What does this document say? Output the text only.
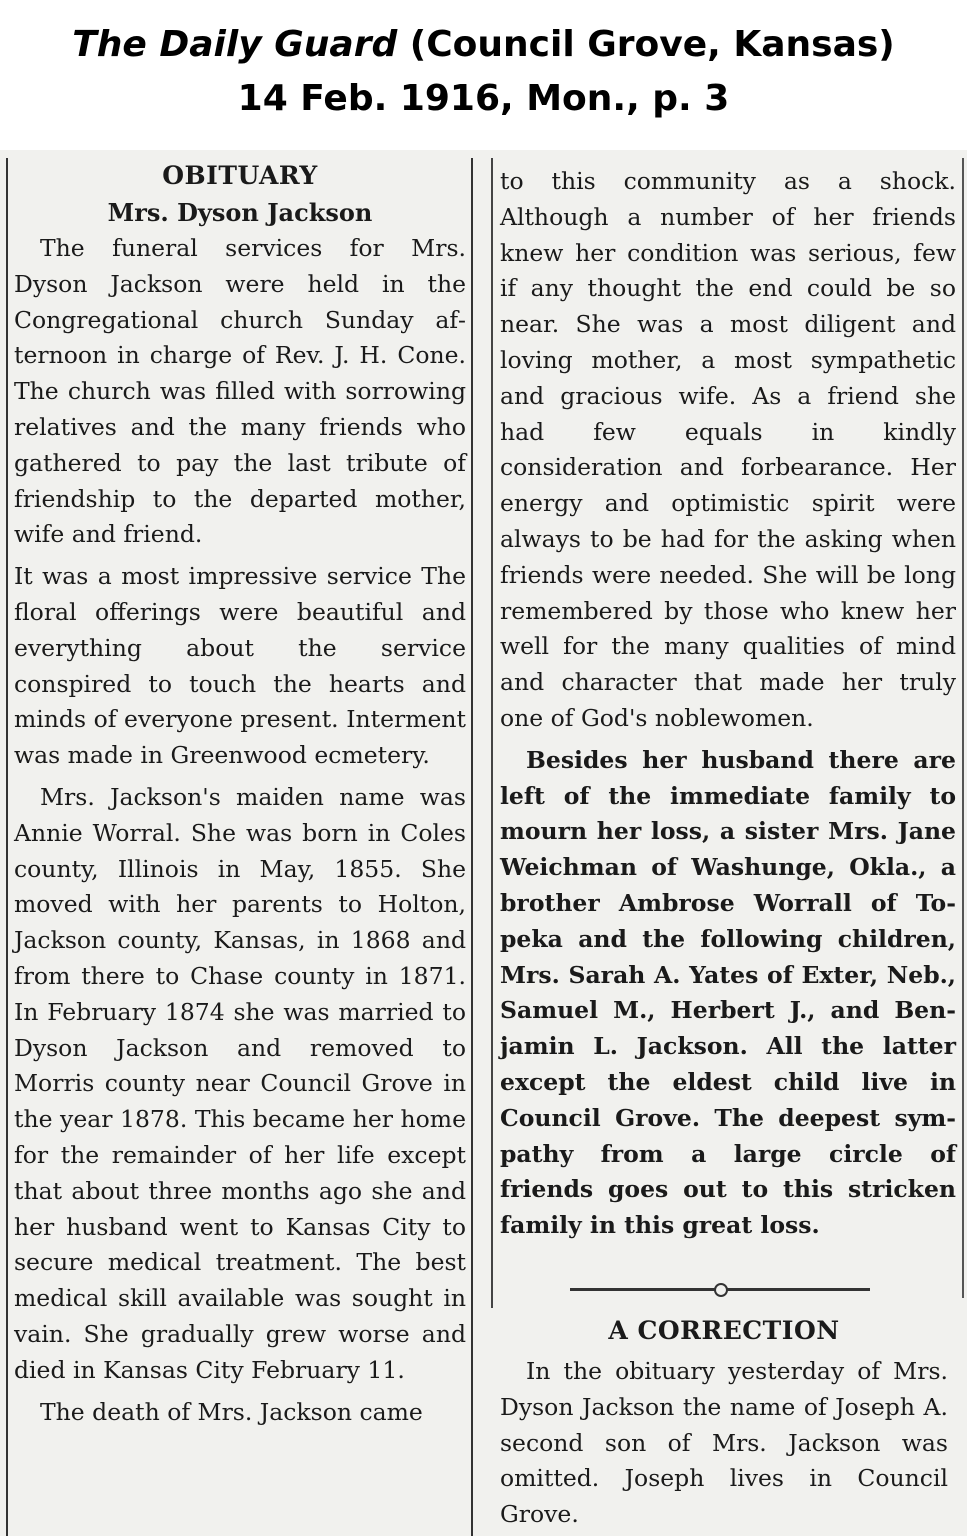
The Daily Guard (Council Grove, Kansas)
14 Feb. 1916, Mon., p. 3
OBITUARY
Mrs. Dyson Jackson

The funeral services for Mrs. Dyson Jackson were held in the Congregational church Sunday afternoon in charge of Rev. J. H. Cone. The church was filled with sorrowing relatives and the many friends who gathered to pay the last tribute of friendship to the departed mother, wife and friend.

It was a most impressive service The floral offerings were beautiful and everything about the service conspired to touch the hearts and minds of everyone present. Interment was made in Greenwood ecmetery.

Mrs. Jackson's maiden name was Annie Worral. She was born in Coles county, Illinois in May, 1855. She moved with her parents to Holton, Jackson county, Kansas, in 1868 and from there to Chase county in 1871. In February 1874 she was married to Dyson Jackson and removed to Morris county near Council Grove in the year 1878. This became her home for the remainder of her life except that about three months ago she and her husband went to Kansas City to secure medical treatment. The best medical skill available was sought in vain. She gradually grew worse and died in Kansas City February 11.

The death of Mrs. Jackson came

to this community as a shock. Although a number of her friends knew her condition was serious, few if any thought the end could be so near. She was a most diligent and loving mother, a most sympathetic and gracious wife. As a friend she had few equals in kindly consideration and forbearance. Her energy and optimistic spirit were always to be had for the asking when friends were needed. She will be long remembered by those who knew her well for the many qualities of mind and character that made her truly one of God's noblewomen.

Besides her husband there are left of the immediate family to mourn her loss, a sister Mrs. Jane Weichman of Washunge, Okla., a brother Ambrose Worrall of Topeka and the following children, Mrs. Sarah A. Yates of Exter, Neb., Samuel M., Herbert J., and Benjamin L. Jackson. All the latter except the eldest child live in Council Grove. The deepest sympathy from a large circle of friends goes out to this stricken family in this great loss.

A CORRECTION

In the obituary yesterday of Mrs. Dyson Jackson the name of Joseph A. second son of Mrs. Jackson was omitted. Joseph lives in Council Grove.
